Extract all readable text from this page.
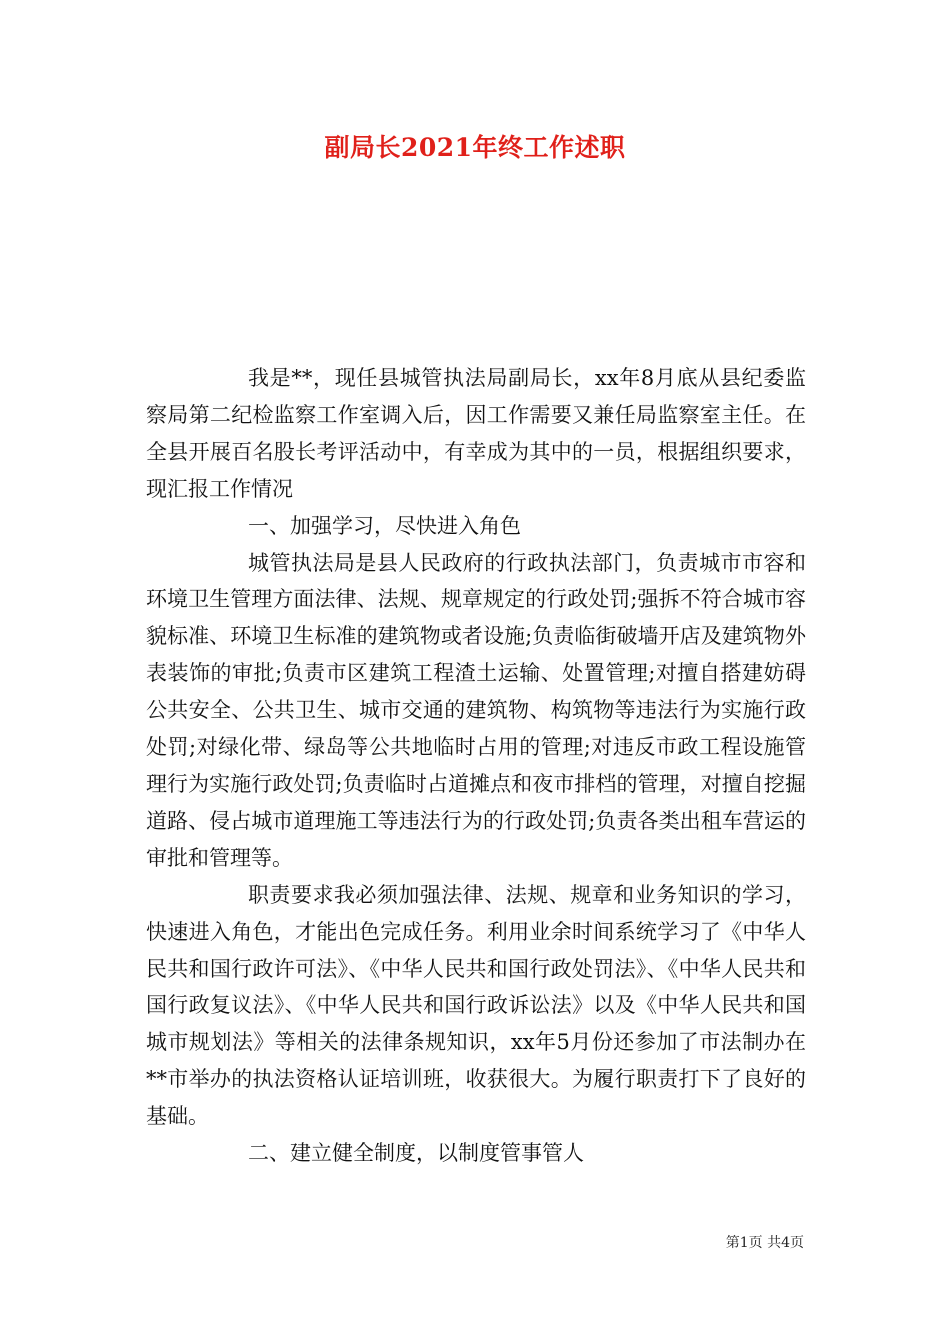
副局长2021年终工作述职

我是**，现任县城管执法局副局长，xx年8月底从县纪委监察局第二纪检监察工作室调入后，因工作需要又兼任局监察室主任。在全县开展百名股长考评活动中，有幸成为其中的一员，根据组织要求，现汇报工作情况

一、加强学习，尽快进入角色

城管执法局是县人民政府的行政执法部门，负责城市市容和环境卫生管理方面法律、法规、规章规定的行政处罚;强拆不符合城市容貌标准、环境卫生标准的建筑物或者设施;负责临街破墙开店及建筑物外表装饰的审批;负责市区建筑工程渣土运输、处置管理;对擅自搭建妨碍公共安全、公共卫生、城市交通的建筑物、构筑物等违法行为实施行政处罚;对绿化带、绿岛等公共地临时占用的管理;对违反市政工程设施管理行为实施行政处罚;负责临时占道摊点和夜市排档的管理，对擅自挖掘道路、侵占城市道理施工等违法行为的行政处罚;负责各类出租车营运的审批和管理等。

职责要求我必须加强法律、法规、规章和业务知识的学习，快速进入角色，才能出色完成任务。利用业余时间系统学习了《中华人民共和国行政许可法》、《中华人民共和国行政处罚法》、《中华人民共和国行政复议法》、《中华人民共和国行政诉讼法》以及《中华人民共和国城市规划法》等相关的法律条规知识，xx年5月份还参加了市法制办在**市举办的执法资格认证培训班，收获很大。为履行职责打下了良好的基础。

二、建立健全制度，以制度管事管人

第1页 共4页
